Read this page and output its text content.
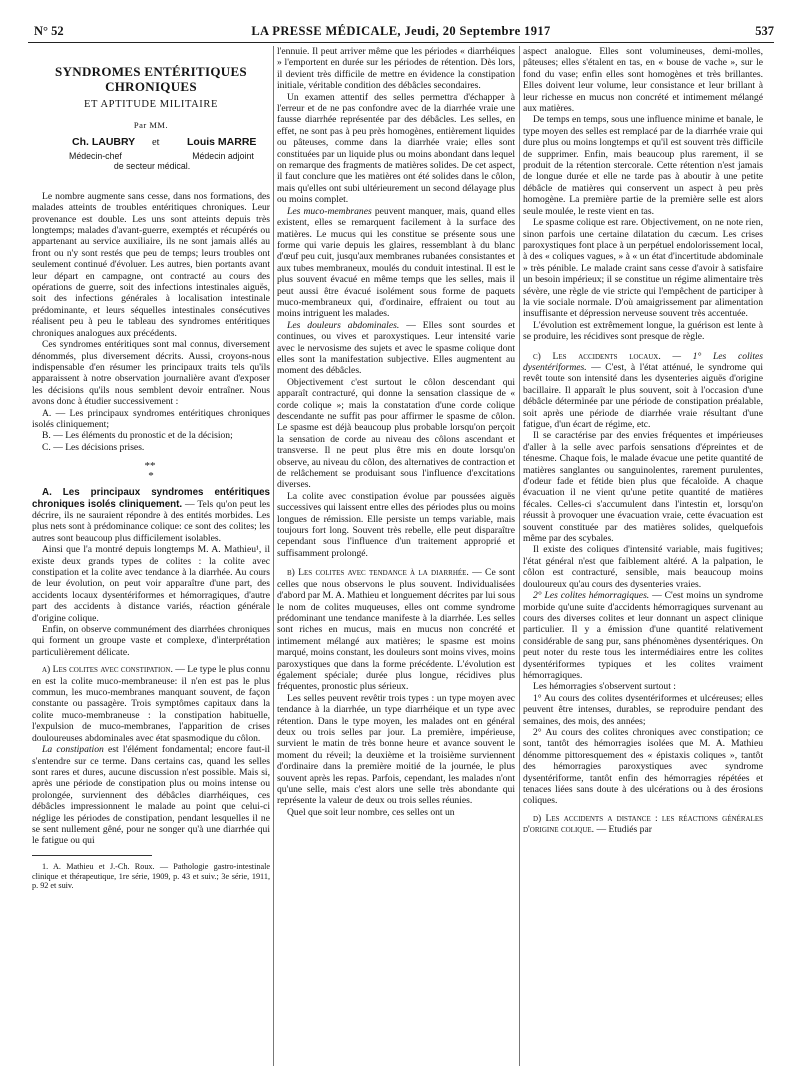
N° 52	LA PRESSE MÉDICALE, Jeudi, 20 Septembre 1917	537
SYNDROMES ENTÉRITIQUES CHRONIQUES
ET APTITUDE MILITAIRE
Par MM.
Ch. LAUBRY et	Louis MARRE
Médecin-chef	Médecin adjoint
de secteur médical.

Le nombre augmente sans cesse, dans nos formations, des malades atteints de troubles entéritiques chroniques. Leur provenance est double. Les uns sont atteints depuis très longtemps; malades d'avant-guerre, exemptés et récupérés ou appartenant au service auxiliaire, ils ne sont jamais allés au front ou n'y sont restés que peu de temps; leurs troubles ont seulement continué d'évoluer. Les autres, bien portants avant leur départ en campagne, ont contracté au cours des opérations de guerre, soit des infections intestinales aiguës, soit des infections générales à localisation intestinale prédominante, et leurs séquelles intestinales consécutives réalisent peu à peu le tableau des syndromes entéritiques chroniques analogues aux précédents.

Ces syndromes entéritiques sont mal connus, diversement dénommés, plus diversement décrits. Aussi, croyons-nous indispensable d'en résumer les principaux traits tels qu'ils apparaissent à notre observation journalière avant d'exposer les décisions qu'ils nous semblent devoir entraîner. Nous avons donc à étudier successivement :

A. — Les principaux syndromes entéritiques chroniques isolés cliniquement;

B. — Les éléments du pronostic et de la décision;

C. — Les décisions prises.

**
*

A. Les principaux syndromes entéritiques chroniques isolés cliniquement. — Tels qu'on peut les décrire, ils ne sauraient répondre à des entités morbides. Les plus nets sont à prédominance colique: ce sont des colites; les autres sont beaucoup plus difficilement isolables.

Ainsi que l'a montré depuis longtemps M. A. Mathieu¹, il existe deux grands types de colites : la colite avec constipation et la colite avec tendance à la diarrhée. Au cours de leur évolution, on peut voir apparaître d'une part, des accidents locaux dysentériformes et hémorragiques, d'autre part des accidents à distance variés, réaction générale d'origine colique.

Enfin, on observe communément des diarrhées chroniques qui forment un groupe vaste et complexe, d'interprétation particulièrement délicate.

a) Les colites avec constipation. — Le type le plus connu en est la colite muco-membraneuse: il n'en est pas le plus commun, les muco-membranes manquant souvent, de façon constante ou passagère. Trois symptômes capitaux dans la colite muco-membraneuse : la constipation habituelle, l'expulsion de muco-membranes, l'apparition de crises douloureuses abdominales avec état spasmodique du côlon.

La constipation est l'élément fondamental; encore faut-il s'entendre sur ce terme. Dans certains cas, quand les selles sont rares et dures, aucune discussion n'est possible. Mais si, après une période de constipation plus ou moins intense ou prolongée, surviennent des débâcles diarrhéiques, ces débâcles impressionnent le malade au point que celui-ci néglige les périodes de constipation, pendant lesquelles il ne se sent nullement gêné, pour ne songer qu'à une diarrhée qui le fatigue ou qui

1. A. Mathieu et J.-Ch. Roux. — Pathologie gastro-intestinale clinique et thérapeutique, 1re série, 1909, p. 43 et suiv.; 3e série, 1911, p. 92 et suiv.

l'ennuie. Il peut arriver même que les périodes « diarrhéiques » l'emportent en durée sur les périodes de rétention. Dès lors, il devient très difficile de mettre en évidence la constipation initiale, véritable condition des débâcles secondaires.

Un examen attentif des selles permettra d'échapper à l'erreur et de ne pas confondre avec de la diarrhée vraie une fausse diarrhée représentée par des débâcles. Les selles, en effet, ne sont pas à peu près homogènes, entièrement liquides ou pâteuses, comme dans la diarrhée vraie; elles sont constituées par un liquide plus ou moins abondant dans lequel on remarque des fragments de matières solides. De cet aspect, il faut conclure que les matières ont été solides dans le côlon, mais qu'elles ont subi ultérieurement un second délayage plus ou moins complet.

Les muco-membranes peuvent manquer, mais, quand elles existent, elles se remarquent facilement à la surface des matières. Le mucus qui les constitue se présente sous une forme qui varie depuis les glaires, ressemblant à du blanc d'œuf peu cuit, jusqu'aux membranes rubanées consistantes et aux tubes membraneux, moulés du conduit intestinal. Il est le plus souvent évacué en même temps que les selles, mais il peut aussi être évacué isolément sous forme de paquets muco-membraneux qui, d'ordinaire, effraient ou tout au moins intriguent les malades.

Les douleurs abdominales. — Elles sont sourdes et continues, ou vives et paroxystiques. Leur intensité varie avec le nervosisme des sujets et avec le spasme colique dont elles sont la manifestation subjective. Elles augmentent au moment des débâcles.

Objectivement c'est surtout le côlon descendant qui apparaît contracturé, qui donne la sensation classique de « corde colique »; mais la constatation d'une corde colique descendante ne suffit pas pour affirmer le spasme de côlon. Le spasme est déjà beaucoup plus probable lorsqu'on perçoit la sensation de corde au niveau des côlons ascendant et transverse. Il ne peut plus être mis en doute lorsqu'on observe, au niveau du côlon, des alternatives de contraction et de relâchement se produisant sous l'influence d'excitations diverses.

La colite avec constipation évolue par poussées aiguës successives qui laissent entre elles des périodes plus ou moins longues de rémission. Elle persiste un temps variable, mais toujours fort long. Souvent très rebelle, elle peut disparaître cependant sous l'influence d'un traitement approprié et suffisamment prolongé.

b) Les colites avec tendance à la diarrhée. — Ce sont celles que nous observons le plus souvent. Individualisées d'abord par M. A. Mathieu et longuement décrites par lui sous le nom de colites muqueuses, elles ont comme syndrome prédominant une tendance manifeste à la diarrhée. Les selles sont riches en mucus, mais en mucus non concrété et intimement mélangé aux matières; le spasme est moins marqué, moins constant, les douleurs sont moins vives, moins paroxystiques que dans la forme précédente. L'évolution est également spéciale; durée plus longue, récidives plus fréquentes, pronostic plus sérieux.

Les selles peuvent revêtir trois types : un type moyen avec tendance à la diarrhée, un type diarrhéique et un type avec rétention. Dans le type moyen, les malades ont en général deux ou trois selles par jour. La première, impérieuse, survient le matin de très bonne heure et avance souvent le moment du réveil; la deuxième et la troisième surviennent d'ordinaire dans la première moitié de la journée, le plus souvent après les repas. Parfois, cependant, les malades n'ont qu'une selle, mais c'est alors une selle très abondante qui représente la valeur de deux ou trois selles réunies.

Quel que soit leur nombre, ces selles ont un

aspect analogue. Elles sont volumineuses, demi-molles, pâteuses; elles s'étalent en tas, en « bouse de vache », sur le fond du vase; enfin elles sont homogènes et très brillantes. Elles doivent leur volume, leur consistance et leur brillant à leur richesse en mucus non concrété et intimement mélangé aux matières.

De temps en temps, sous une influence minime et banale, le type moyen des selles est remplacé par de la diarrhée vraie qui dure plus ou moins longtemps et qu'il est souvent très difficile de supprimer. Enfin, mais beaucoup plus rarement, il se produit de la rétention stercorale. Cette rétention n'est jamais de longue durée et elle ne tarde pas à aboutir à une petite débâcle de matières qui conservent un aspect à peu près homogène. La première partie de la première selle est alors seule moulée, le reste vient en tas.

Le spasme colique est rare. Objectivement, on ne note rien, sinon parfois une certaine dilatation du cæcum. Les crises paroxystiques font place à un perpétuel endolorissement local, à des « coliques vagues, » à « un état d'incertitude abdominale » très pénible. Le malade craint sans cesse d'avoir à satisfaire un besoin impérieux; il se constitue un régime alimentaire très sévère, une règle de vie stricte qui l'empêchent de participer à la vie sociale normale. D'où amaigrissement par alimentation insuffisante et dépression nerveuse souvent très accentuée.

L'évolution est extrêmement longue, la guérison est lente à se produire, les récidives sont presque de règle.

c) Les accidents locaux. — 1° Les colites dysentériformes. — C'est, à l'état atténué, le syndrome qui revêt toute son intensité dans les dysenteries aiguës d'origine bacillaire. Il apparaît le plus souvent, soit à l'occasion d'une débâcle déterminée par une période de constipation préalable, soit après une période de diarrhée vraie résultant d'une fatigue, d'un écart de régime, etc.

Il se caractérise par des envies fréquentes et impérieuses d'aller à la selle avec parfois sensations d'épreintes et de ténesme. Chaque fois, le malade évacue une petite quantité de matières sanglantes ou sanguinolentes, rarement purulentes, d'odeur fade et fétide bien plus que fécaloïde. A chaque évacuation il ne vient qu'une petite quantité de matières fécales. Celles-ci s'accumulent dans l'intestin et, lorsqu'on réussit à provoquer une évacuation vraie, cette évacuation est souvent constituée par des matières solides, quelquefois même par des scybales.

Il existe des coliques d'intensité variable, mais fugitives; l'état général n'est que faiblement altéré. A la palpation, le côlon est contracturé, sensible, mais beaucoup moins douloureux qu'au cours des dysenteries vraies.

2° Les colites hémorragiques. — C'est moins un syndrome morbide qu'une suite d'accidents hémorragiques survenant au cours des diverses colites et leur donnant un aspect clinique particulier. Il y a émission d'une quantité relativement considérable de sang pur, sans phénomènes dysentériques. On peut noter du reste tous les intermédiaires entre les colites dysentériformes typiques et les colites vraiment hémorragiques.

Les hémorragies s'observent surtout :

1° Au cours des colites dysentériformes et ulcéreuses; elles peuvent être intenses, durables, se reproduire pendant des semaines, des mois, des années;

2° Au cours des colites chroniques avec constipation; ce sont, tantôt des hémorragies isolées que M. A. Mathieu dénomme pittoresquement des « épistaxis coliques », tantôt des hémorragies paroxystiques avec syndrome dysentériforme, tantôt enfin des hémorragies répétées et tenaces liées sans doute à des ulcérations ou à des érosions coliques.

d) Les accidents a distance : les réactions générales d'origine colique. — Etudiés par
